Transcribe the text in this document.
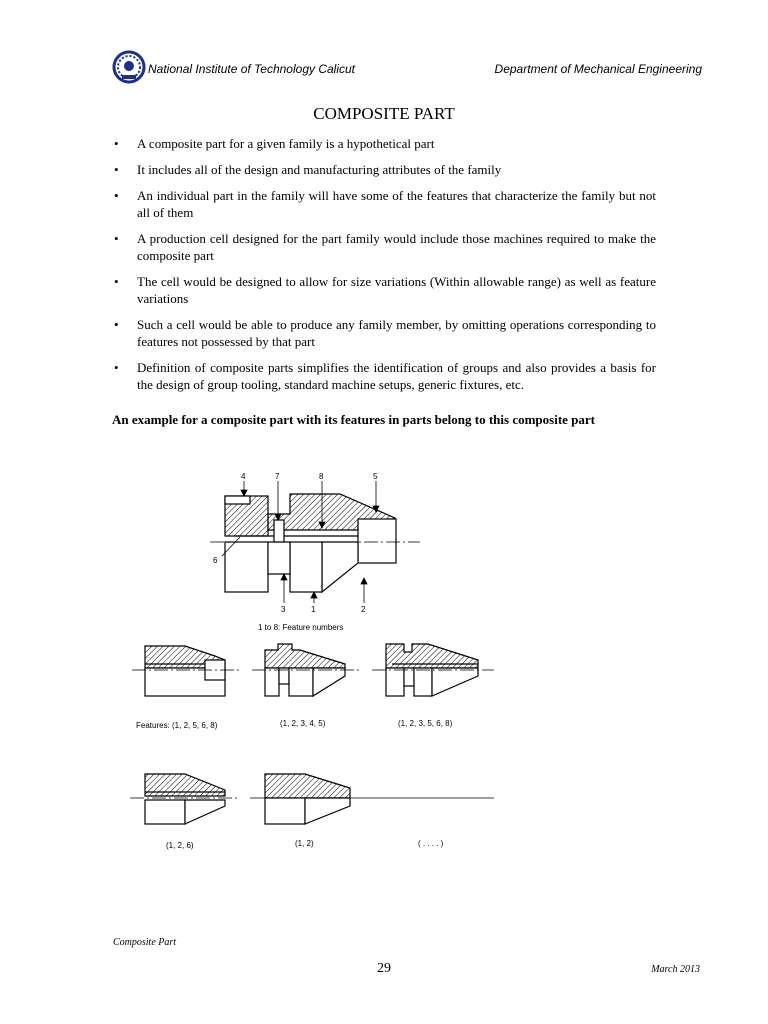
National Institute of Technology Calicut	Department of Mechanical Engineering
COMPOSITE PART
• A composite part for a given family is a hypothetical part
• It includes all of the design and manufacturing attributes of the family
• An individual part in the family will have some of the features that characterize the family but not all of them
• A production cell designed for the part family would include those machines required to make the composite part
• The cell would be designed to allow for size variations (Within allowable range) as well as feature variations
• Such a cell would be able to produce any family member, by omitting operations corresponding to features not possessed by that part
• Definition of composite parts simplifies the identification of groups and also provides a basis for the design of group tooling, standard machine setups, generic fixtures, etc.
An example for a composite part with its features in parts belong to this composite part
4	7	8	5
6
3	1	2
1 to 8: Feature numbers
Features: (1, 2, 5, 6, 8)	(1, 2, 3, 4, 5)	(1, 2, 3, 5, 6, 8)
(1, 2, 6)	(1, 2)	( . . . . )
Composite Part
29	March 2013
